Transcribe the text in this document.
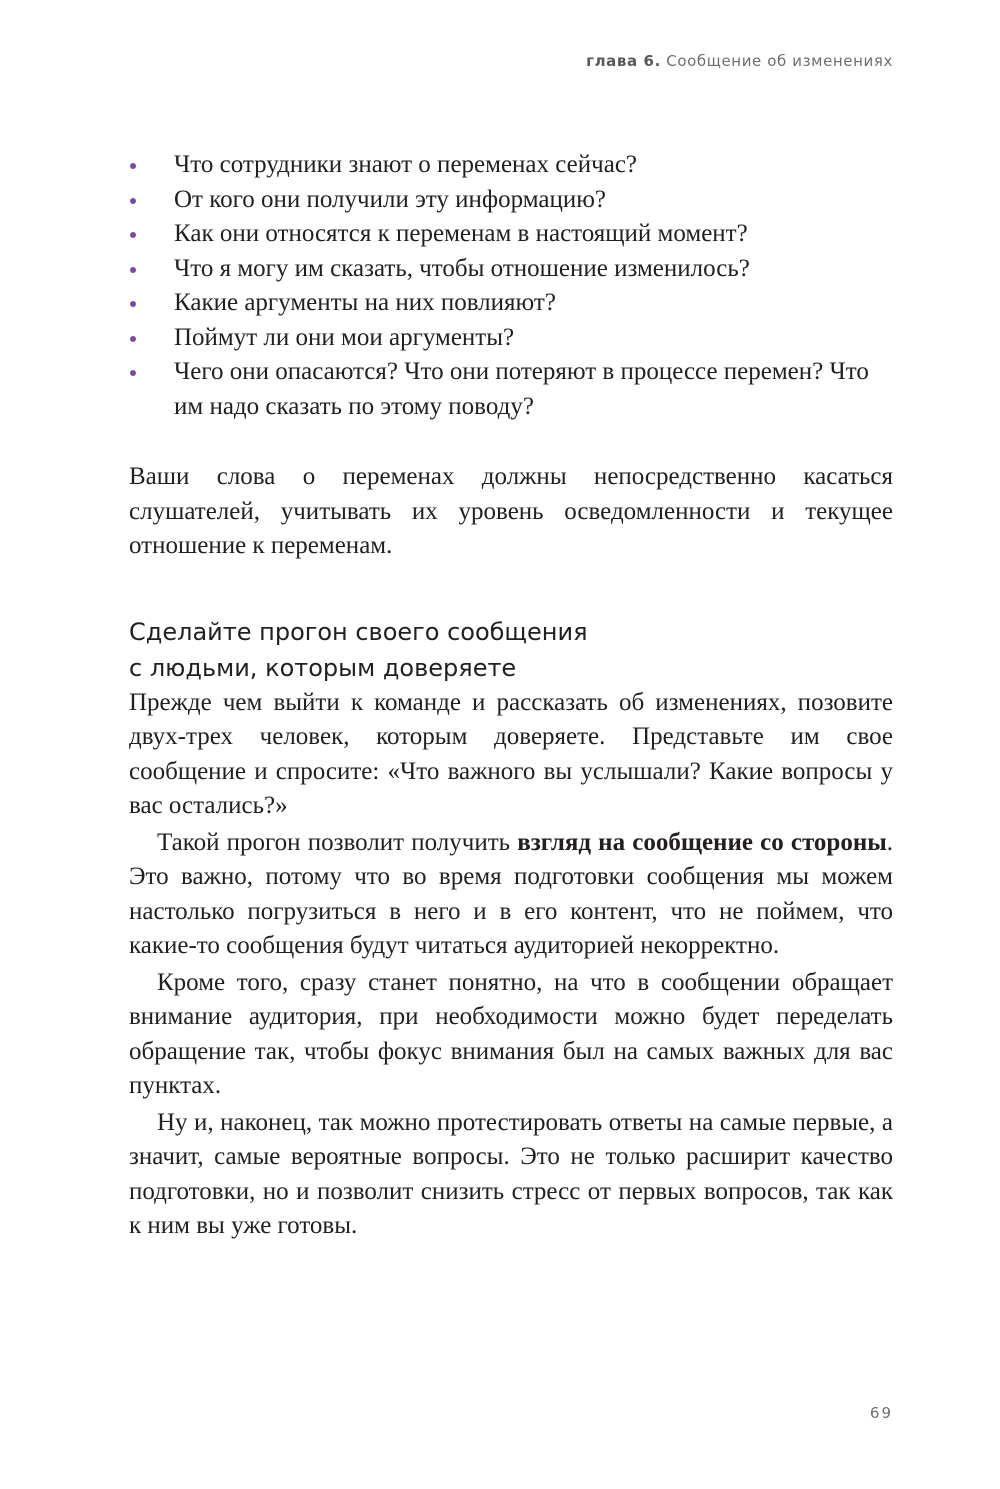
глава 6. Сообщение об изменениях
Что сотрудники знают о переменах сейчас?
От кого они получили эту информацию?
Как они относятся к переменам в настоящий момент?
Что я могу им сказать, чтобы отношение изменилось?
Какие аргументы на них повлияют?
Поймут ли они мои аргументы?
Чего они опасаются? Что они потеряют в процессе перемен? Что им надо сказать по этому поводу?

Ваши слова о переменах должны непосредственно касаться слушателей, учитывать их уровень осведомленности и текущее отношение к переменам.

Сделайте прогон своего сообщения
с людьми, которым доверяете

Прежде чем выйти к команде и рассказать об изменениях, позовите двух-трех человек, которым доверяете. Представьте им свое сообщение и спросите: «Что важного вы услышали? Какие вопросы у вас остались?»

Такой прогон позволит получить взгляд на сообщение со стороны. Это важно, потому что во время подготовки сообщения мы можем настолько погрузиться в него и в его контент, что не поймем, что какие-то сообщения будут читаться аудиторией некорректно.

Кроме того, сразу станет понятно, на что в сообщении обращает внимание аудитория, при необходимости можно будет переделать обращение так, чтобы фокус внимания был на самых важных для вас пунктах.

Ну и, наконец, так можно протестировать ответы на самые первые, а значит, самые вероятные вопросы. Это не только расширит качество подготовки, но и позволит снизить стресс от первых вопросов, так как к ним вы уже готовы.

69
